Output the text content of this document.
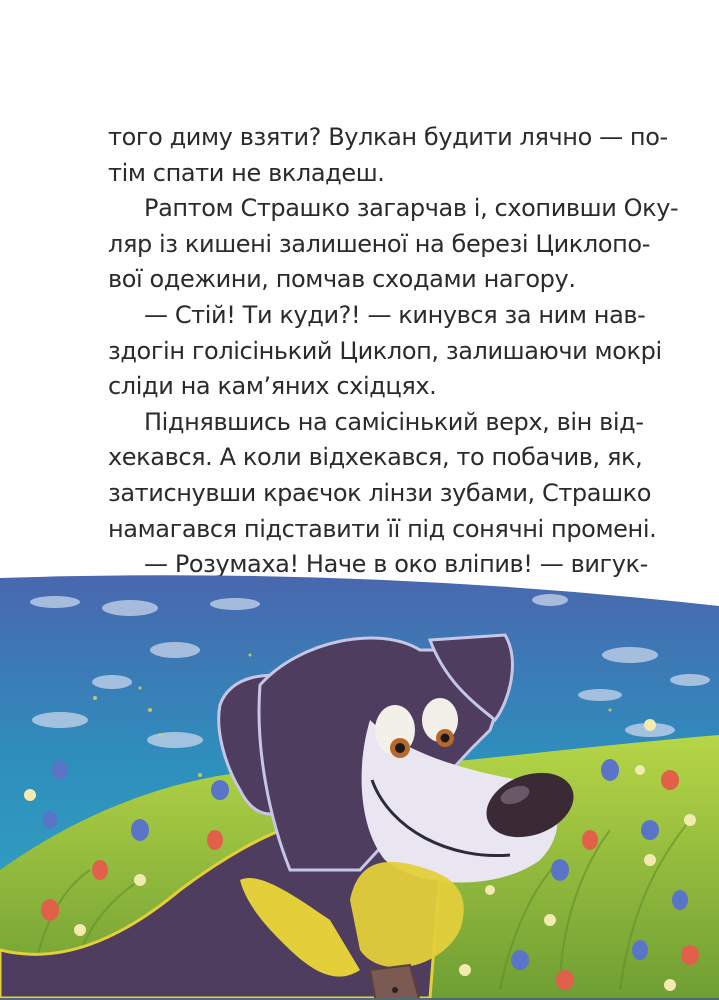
того диму взяти? Вулкан будити лячно — по-
тім спати не вкладеш.
Раптом Страшко загарчав і, схопивши Оку-
ляр із кишені залишеної на березі Циклопо-
вої одежини, помчав сходами нагору.
— Стій! Ти куди?! — кинувся за ним нав-
здогін голісінький Циклоп, залишаючи мокрі
сліди на кам’яних східцях.
Піднявшись на самісінький верх, він від-
хекався. А коли відхекався, то побачив, як,
затиснувши краєчок лінзи зубами, Страшко
намагався підставити її під сонячні промені.
— Розумаха! Наче в око вліпив! — вигук-
